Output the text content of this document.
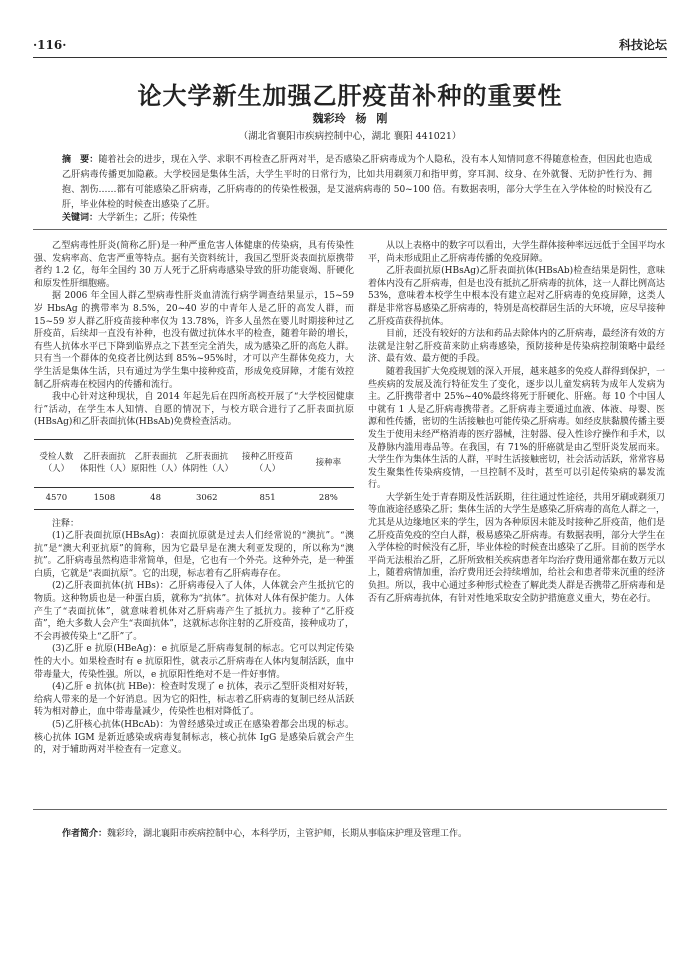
·116·	科技论坛
论大学新生加强乙肝疫苗补种的重要性
魏彩玲 杨 刚
（湖北省襄阳市疾病控制中心，湖北 襄阳 441021）
摘　要：随着社会的进步，现在入学、求职不再检查乙肝两对半，是否感染乙肝病毒成为个人隐私，没有本人知情同意不得随意检查，但因此也造成乙肝病毒传播更加隐蔽。大学校园是集体生活，大学生平时的日常行为，比如共用剃须刀和指甲剪，穿耳洞、纹身、在外就餐、无防护性行为、拥抱、割伤……都有可能感染乙肝病毒，乙肝病毒的的传染性极强，是艾滋病病毒的 50~100 倍。有数据表明，部分大学生在入学体检的时候没有乙肝，毕业体检的时候查出感染了乙肝。
关键词：大学新生；乙肝；传染性

乙型病毒性肝炎(简称乙肝)是一种严重危害人体健康的传染病，具有传染性强、发病率高、危害严重等特点。据有关资料统计，我国乙型肝炎表面抗原携带者约 1.2 亿，每年全国约 30 万人死于乙肝病毒感染导致的肝功能衰竭、肝硬化和原发性肝细胞癌。

据 2006 年全国人群乙型病毒性肝炎血清流行病学调查结果显示，15~59 岁 HbsAg 的携带率为 8.5%，20~40 岁的中青年人是乙肝的高发人群，而 15~59 岁人群乙肝疫苗接种率仅为 13.78%，许多人虽然在婴儿时期接种过乙肝疫苗，后续却一直没有补种，也没有做过抗体水平的检查，随着年龄的增长，有些人抗体水平已下降到临界点之下甚至完全消失，成为感染乙肝的高危人群。只有当一个群体的免疫者比例达到 85%~95%时，才可以产生群体免疫力，大学生活是集体生活，只有通过为学生集中接种疫苗，形成免疫屏障，才能有效控制乙肝病毒在校园内的传播和流行。

我中心针对这种现状，自 2014 年起先后在四所高校开展了“大学校园健康行”活动，在学生本人知情、自愿的情况下，与校方联合进行了乙肝表面抗原(HBsAg)和乙肝表面抗体(HBsAb)免费检查活动。

受检人数（人）	乙肝表面抗体阳性（人）	乙肝表面抗原阳性（人）	乙肝表面抗体阴性（人）	接种乙肝疫苗（人）	接种率
4570	1508	48	3062	851	28%

注释：

(1)乙肝表面抗原(HBsAg)：表面抗原就是过去人们经常说的“澳抗”。“澳抗”是“澳大利亚抗原”的简称，因为它最早是在澳大利亚发现的，所以称为“澳抗”。乙肝病毒虽然构造非常简单，但是，它也有一个外壳。这种外壳，是一种蛋白质，它就是“表面抗原”。它的出现，标志着有乙肝病毒存在。

(2)乙肝表面抗体(抗 HBs)：乙肝病毒侵入了人体，人体就会产生抵抗它的物质。这种物质也是一种蛋白质，就称为“抗体”。抗体对人体有保护能力。人体产生了“表面抗体”，就意味着机体对乙肝病毒产生了抵抗力。接种了“乙肝疫苗”，绝大多数人会产生“表面抗体”，这就标志你注射的乙肝疫苗，接种成功了，不会再被传染上“乙肝”了。

(3)乙肝 e 抗原(HBeAg)：e 抗原是乙肝病毒复制的标志。它可以判定传染性的大小。如果检查时有 e 抗原阳性，就表示乙肝病毒在人体内复制活跃，血中带毒量大，传染性强。所以，e 抗原阳性绝对不是一件好事情。

(4)乙肝 e 抗体(抗 HBe)：检查时发现了 e 抗体，表示乙型肝炎相对好转，给病人带来的是一个好消息。因为它的阳性，标志着乙肝病毒的复制已经从活跃转为相对静止，血中带毒量减少，传染性也相对降低了。

(5)乙肝核心抗体(HBcAb)：为曾经感染过或正在感染着都会出现的标志。核心抗体 IGM 是新近感染或病毒复制标志，核心抗体 IgG 是感染后就会产生的，对于辅助两对半检查有一定意义。

从以上表格中的数字可以看出，大学生群体接种率远远低于全国平均水平，尚未形成阻止乙肝病毒传播的免疫屏障。

乙肝表面抗原(HBsAg)乙肝表面抗体(HBsAb)检查结果是阴性，意味着体内没有乙肝病毒，但是也没有抵抗乙肝病毒的抗体，这一人群比例高达 53%，意味着本校学生中根本没有建立起对乙肝病毒的免疫屏障，这类人群是非常容易感染乙肝病毒的，特别是高校群居生活的大环境，应尽早接种乙肝疫苗获得抗体。

目前，还没有较好的方法和药品去除体内的乙肝病毒，最经济有效的方法就是注射乙肝疫苗来防止病毒感染，预防接种是传染病控制策略中最经济、最有效、最方便的手段。

随着我国扩大免疫规划的深入开展，越来越多的免疫人群得到保护，一些疾病的发展及流行特征发生了变化，逐步以儿童发病转为成年人发病为主。乙肝携带者中 25%~40%最终将死于肝硬化、肝癌。每 10 个中国人中就有 1 人是乙肝病毒携带者。乙肝病毒主要通过血液、体液、母婴、医源和性传播，密切的生活接触也可能传染乙肝病毒。如经皮肤黏膜传播主要发生于使用未经严格消毒的医疗器械，注射器、侵入性诊疗操作和手术，以及静脉内滥用毒品等。在我国，有 71%的肝癌就是由乙型肝炎发展而来。大学生作为集体生活的人群，平时生活接触密切，社会活动活跃，常常容易发生聚集性传染病疫情，一旦控制不及时，甚至可以引起传染病的暴发流行。

大学新生处于青春期及性活跃期，往往通过性途径，共用牙刷或剃须刀等血液途径感染乙肝；集体生活的大学生是感染乙肝病毒的高危人群之一，尤其是从边缘地区来的学生，因为各种原因未能及时接种乙肝疫苗，他们是乙肝疫苗免疫的空白人群，极易感染乙肝病毒。有数据表明，部分大学生在入学体检的时候没有乙肝，毕业体检的时候查出感染了乙肝。目前的医学水平尚无法根治乙肝，乙肝所致相关疾病患者年均治疗费用通常都在数万元以上，随着病情加重，治疗费用还会持续增加，给社会和患者带来沉重的经济负担。所以，我中心通过多种形式检查了解此类人群是否携带乙肝病毒和是否有乙肝病毒抗体，有针对性地采取安全防护措施意义重大，势在必行。

作者简介：魏彩玲，湖北襄阳市疾病控制中心，本科学历，主管护师，长期从事临床护理及管理工作。
